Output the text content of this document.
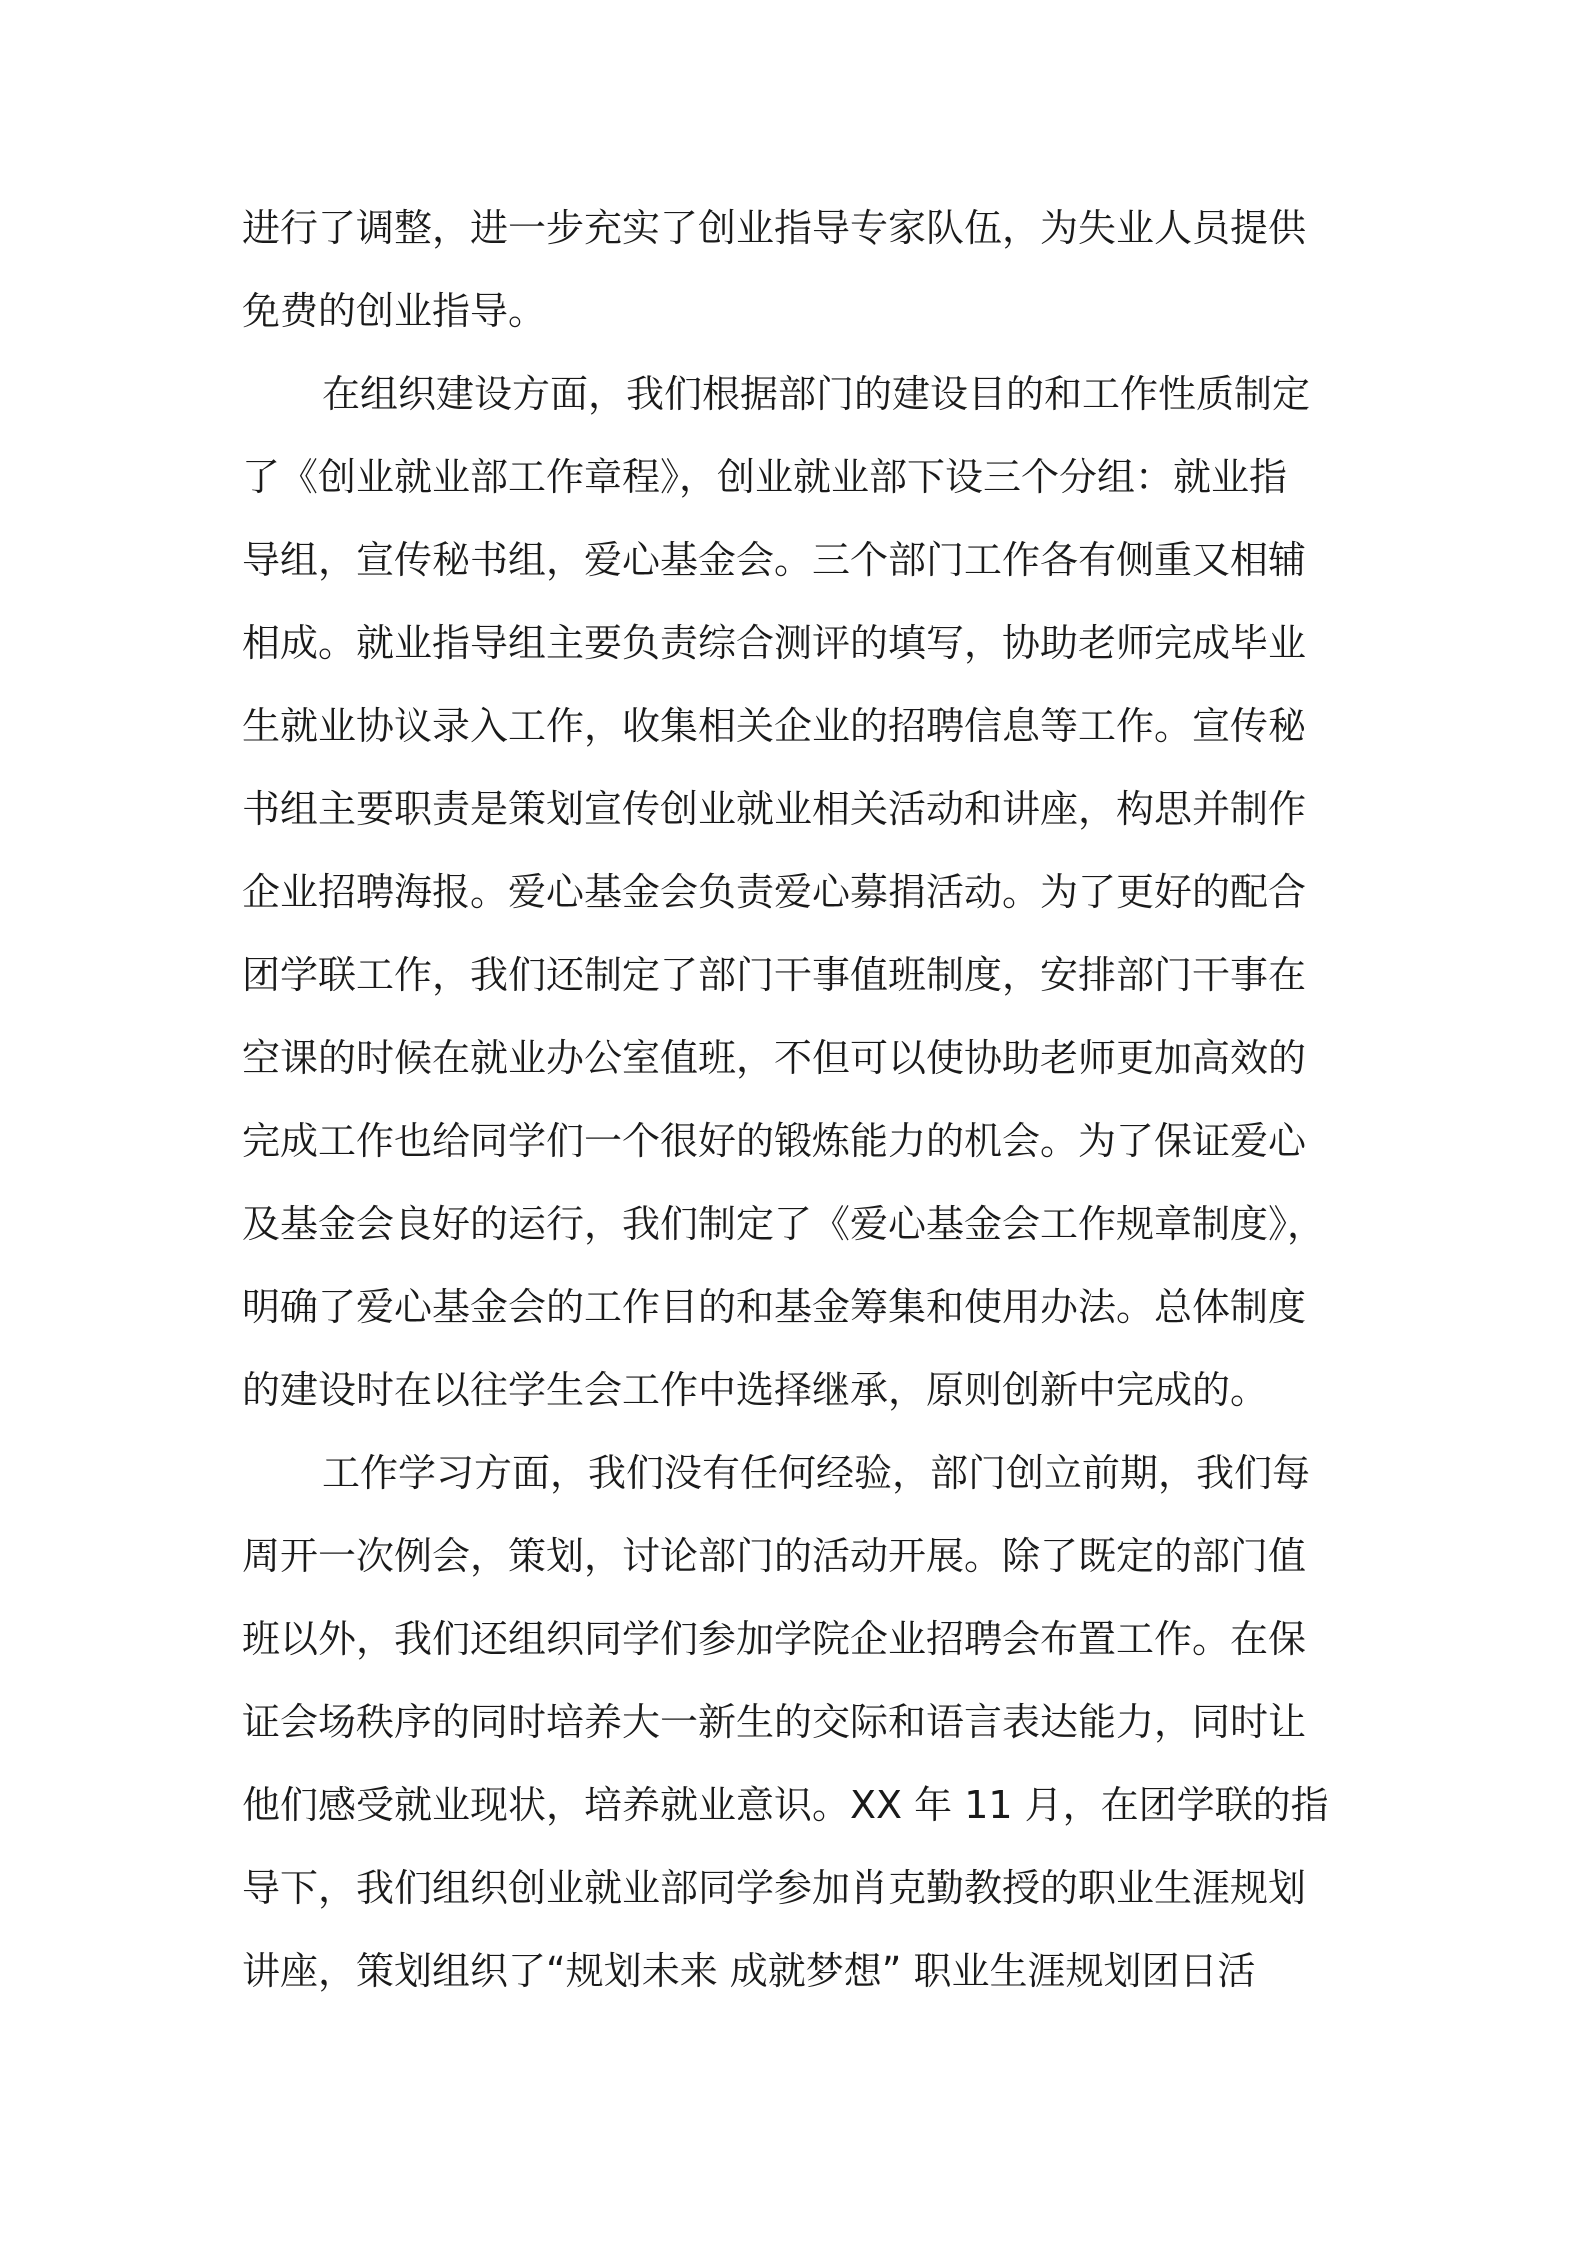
进行了调整，进一步充实了创业指导专家队伍，为失业人员提供
免费的创业指导。
在组织建设方面，我们根据部门的建设目的和工作性质制定
了《创业就业部工作章程》，创业就业部下设三个分组：就业指
导组，宣传秘书组，爱心基金会。三个部门工作各有侧重又相辅
相成。就业指导组主要负责综合测评的填写，协助老师完成毕业
生就业协议录入工作，收集相关企业的招聘信息等工作。宣传秘
书组主要职责是策划宣传创业就业相关活动和讲座，构思并制作
企业招聘海报。爱心基金会负责爱心募捐活动。为了更好的配合
团学联工作，我们还制定了部门干事值班制度，安排部门干事在
空课的时候在就业办公室值班，不但可以使协助老师更加高效的
完成工作也给同学们一个很好的锻炼能力的机会。为了保证爱心
及基金会良好的运行，我们制定了《爱心基金会工作规章制度》，
明确了爱心基金会的工作目的和基金筹集和使用办法。总体制度
的建设时在以往学生会工作中选择继承，原则创新中完成的。
工作学习方面，我们没有任何经验，部门创立前期，我们每
周开一次例会，策划，讨论部门的活动开展。除了既定的部门值
班以外，我们还组织同学们参加学院企业招聘会布置工作。在保
证会场秩序的同时培养大一新生的交际和语言表达能力，同时让
他们感受就业现状，培养就业意识。XX 年 11 月，在团学联的指
导下，我们组织创业就业部同学参加肖克勤教授的职业生涯规划
讲座，策划组织了“规划未来 成就梦想” 职业生涯规划团日活
